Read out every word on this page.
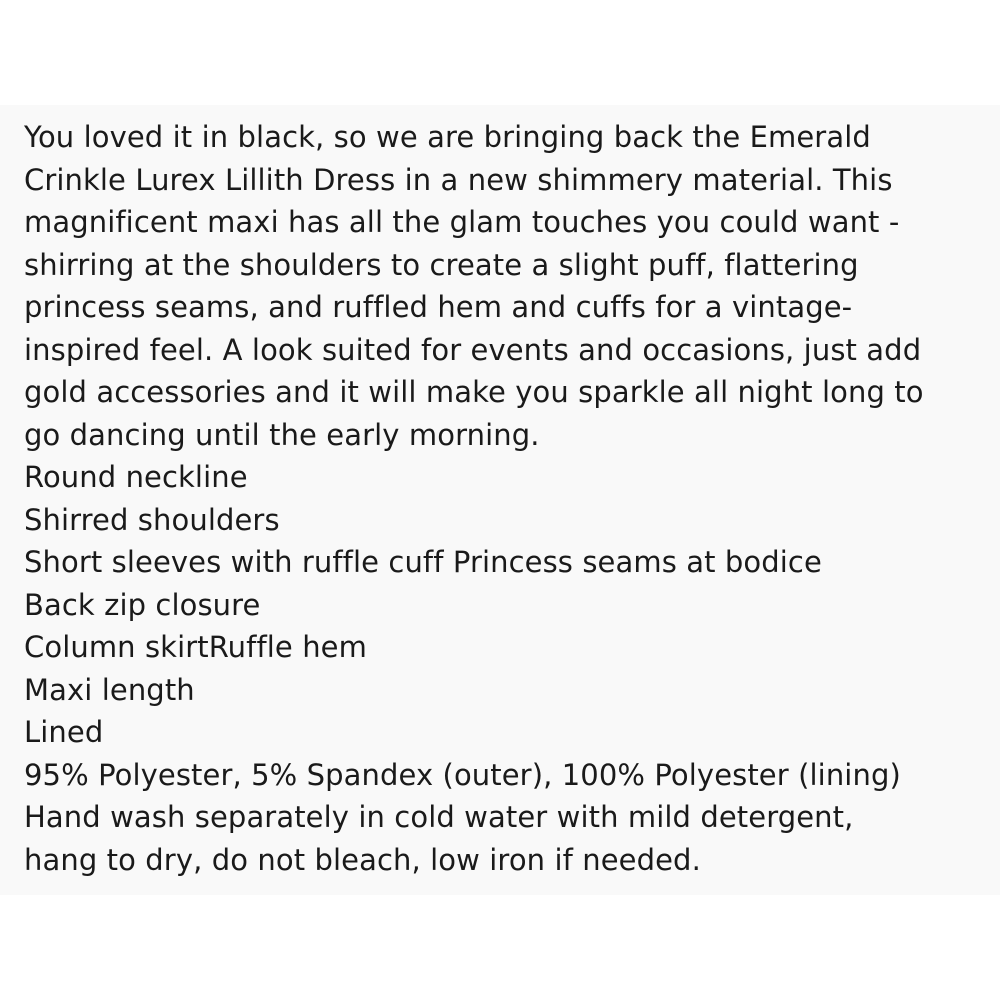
You loved it in black, so we are bringing back the Emerald

Crinkle Lurex Lillith Dress in a new shimmery material. This

magnificent maxi has all the glam touches you could want -

shirring at the shoulders to create a slight puff, flattering

princess seams, and ruffled hem and cuffs for a vintage-

inspired feel. A look suited for events and occasions, just add

gold accessories and it will make you sparkle all night long to

go dancing until the early morning.

Round neckline

Shirred shoulders

Short sleeves with ruffle cuff Princess seams at bodice

Back zip closure

Column skirtRuffle hem

Maxi length

Lined

95% Polyester, 5% Spandex (outer), 100% Polyester (lining)

Hand wash separately in cold water with mild detergent,

hang to dry, do not bleach, low iron if needed.
